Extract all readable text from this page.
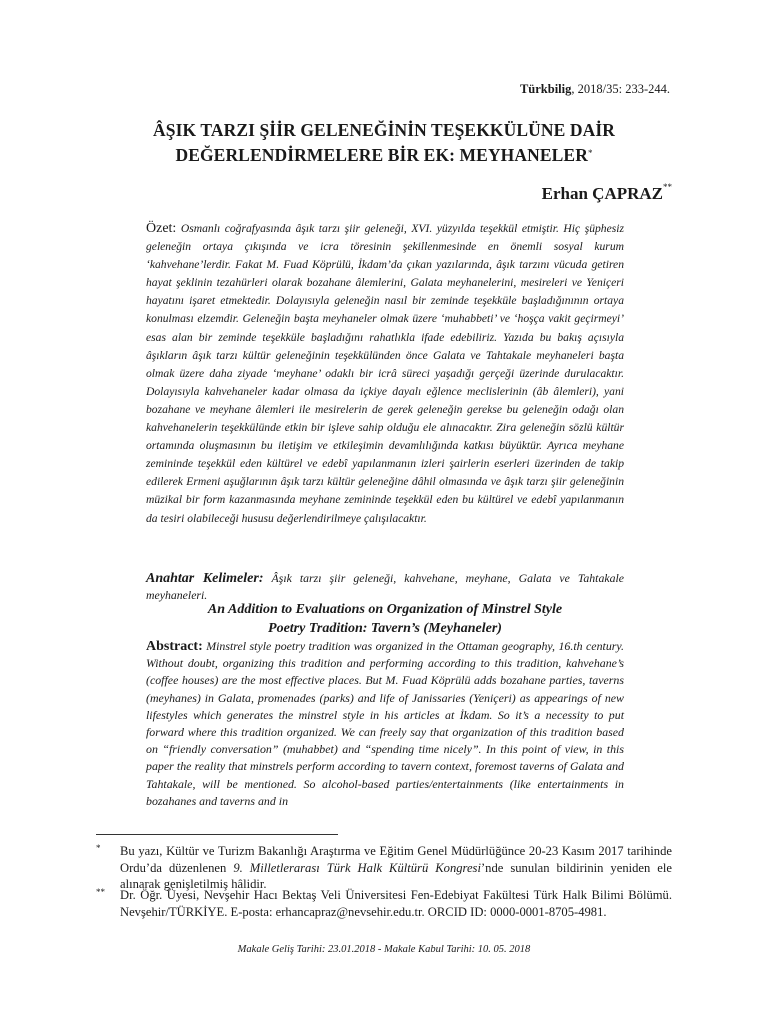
Türkbilig, 2018/35: 233-244.
ÂŞIK TARZI ŞİİR GELENEĞİNİN TEŞEKKÜLÜNE DAİR
DEĞERLENDİRMELERE BİR EK: MEYHANELER*
Erhan ÇAPRAZ**
Özet: Osmanlı coğrafyasında âşık tarzı şiir geleneği, XVI. yüzyılda teşekkül etmiştir. Hiç şüphesiz geleneğin ortaya çıkışında ve icra töresinin şekillenmesinde en önemli sosyal kurum ‘kahvehane’lerdir. Fakat M. Fuad Köprülü, İkdam’da çıkan yazılarında, âşık tarzını vücuda getiren hayat şeklinin tezahürleri olarak bozahane âlemlerini, Galata meyhanelerini, mesireleri ve Yeniçeri hayatını işaret etmektedir. Dolayısıyla geleneğin nasıl bir zeminde teşekküle başladığınının ortaya konulması elzemdir. Geleneğin başta meyhaneler olmak üzere ‘muhabbeti’ ve ‘hoşça vakit geçirmeyi’ esas alan bir zeminde teşekküle başladığını rahatlıkla ifade edebiliriz. Yazıda bu bakış açısıyla âşıkların âşık tarzı kültür geleneğinin teşekkülünden önce Galata ve Tahtakale meyhaneleri başta olmak üzere daha ziyade ‘meyhane’ odaklı bir icrâ süreci yaşadığı gerçeği üzerinde durulacaktır. Dolayısıyla kahvehaneler kadar olmasa da içkiye dayalı eğlence meclislerinin (âb âlemleri), yani bozahane ve meyhane âlemleri ile mesirelerin de gerek geleneğin gerekse bu geleneğin odağı olan kahvehanelerin teşekkülünde etkin bir işleve sahip olduğu ele alınacaktır. Zira geleneğin sözlü kültür ortamında oluşmasının bu iletişim ve etkileşimin devamlılığında katkısı büyüktür. Ayrıca meyhane zemininde teşekkül eden kültürel ve edebî yapılanmanın izleri şairlerin eserleri üzerinden de takip edilerek Ermeni aşuğlarının âşık tarzı kültür geleneğine dâhil olmasında ve âşık tarzı şiir geleneğinin müzikal bir form kazanmasında meyhane zemininde teşekkül eden bu kültürel ve edebî yapılanmanın da tesiri olabileceği hususu değerlendirilmeye çalışılacaktır.
Anahtar Kelimeler: Âşık tarzı şiir geleneği, kahvehane, meyhane, Galata ve Tahtakale meyhaneleri.
An Addition to Evaluations on Organization of Minstrel Style
Poetry Tradition: Tavern’s (Meyhaneler)
Abstract: Minstrel style poetry tradition was organized in the Ottaman geography, 16.th century. Without doubt, organizing this tradition and performing according to this tradition, kahvehane’s (coffee houses) are the most effective places. But M. Fuad Köprülü adds bozahane parties, taverns (meyhanes) in Galata, promenades (parks) and life of Janissaries (Yeniçeri) as appearings of new lifestyles which generates the minstrel style in his articles at İkdam. So it’s a necessity to put forward where this tradition organized. We can freely say that organization of this tradition based on “friendly conversation” (muhabbet) and “spending time nicely”. In this point of view, in this paper the reality that minstrels perform according to tavern context, foremost taverns of Galata and Tahtakale, will be mentioned. So alcohol-based parties/entertainments (like entertainments in bozahanes and taverns and in
* Bu yazı, Kültür ve Turizm Bakanlığı Araştırma ve Eğitim Genel Müdürlüğünce 20-23 Kasım 2017 tarihinde Ordu’da düzenlenen 9. Milletlerarası Türk Halk Kültürü Kongresi’nde sunulan bildirinin yeniden ele alınarak genişletilmiş hâlidir.
** Dr. Öğr. Üyesi, Nevşehir Hacı Bektaş Veli Üniversitesi Fen-Edebiyat Fakültesi Türk Halk Bilimi Bölümü. Nevşehir/TÜRKİYE. E-posta: erhancapraz@nevsehir.edu.tr. ORCID ID: 0000-0001-8705-4981.
Makale Geliş Tarihi: 23.01.2018 - Makale Kabul Tarihi: 10. 05. 2018
